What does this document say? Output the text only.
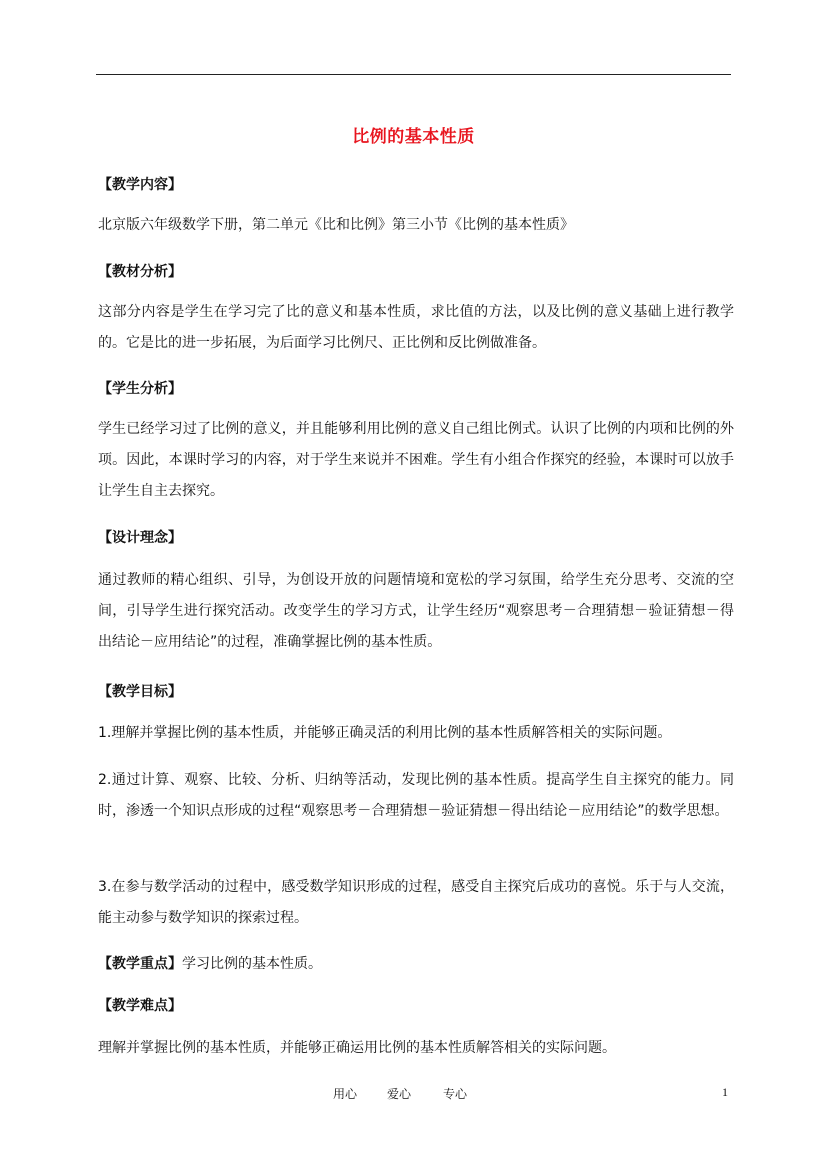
比例的基本性质
【教学内容】
北京版六年级数学下册，第二单元《比和比例》第三小节《比例的基本性质》
【教材分析】
这部分内容是学生在学习完了比的意义和基本性质，求比值的方法，以及比例的意义基础上进行教学的。它是比的进一步拓展，为后面学习比例尺、正比例和反比例做准备。
【学生分析】
学生已经学习过了比例的意义，并且能够利用比例的意义自己组比例式。认识了比例的内项和比例的外项。因此，本课时学习的内容，对于学生来说并不困难。学生有小组合作探究的经验，本课时可以放手让学生自主去探究。
【设计理念】
通过教师的精心组织、引导，为创设开放的问题情境和宽松的学习氛围，给学生充分思考、交流的空间，引导学生进行探究活动。改变学生的学习方式，让学生经历“观察思考－合理猜想－验证猜想－得出结论－应用结论”的过程，准确掌握比例的基本性质。
【教学目标】
1.理解并掌握比例的基本性质，并能够正确灵活的利用比例的基本性质解答相关的实际问题。
2.通过计算、观察、比较、分析、归纳等活动，发现比例的基本性质。提高学生自主探究的能力。同时，渗透一个知识点形成的过程“观察思考－合理猜想－验证猜想－得出结论－应用结论”的数学思想。
3.在参与数学活动的过程中，感受数学知识形成的过程，感受自主探究后成功的喜悦。乐于与人交流，能主动参与数学知识的探索过程。
【教学重点】学习比例的基本性质。
【教学难点】
理解并掌握比例的基本性质，并能够正确运用比例的基本性质解答相关的实际问题。
用心 爱心	专心	1
